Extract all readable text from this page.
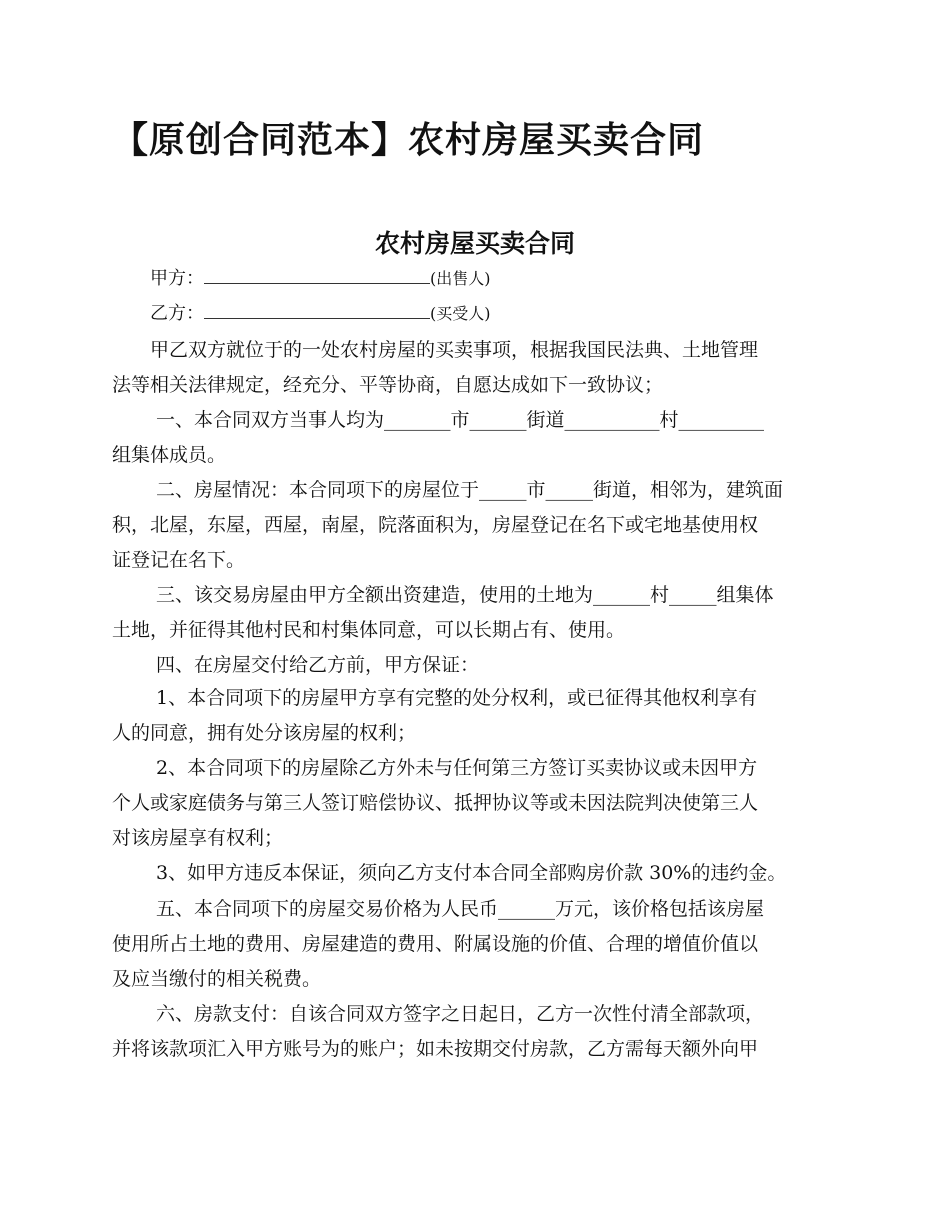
【原创合同范本】农村房屋买卖合同
农村房屋买卖合同
甲方：	(出售人)
乙方：	(买受人)
甲乙双方就位于的一处农村房屋的买卖事项，根据我国民法典、土地管理
法等相关法律规定，经充分、平等协商，自愿达成如下一致协议；
一、本合同双方当事人均为_______市______街道__________村_________
组集体成员。
二、房屋情况：本合同项下的房屋位于_____市_____街道，相邻为，建筑面
积，北屋，东屋，西屋，南屋，院落面积为，房屋登记在名下或宅地基使用权
证登记在名下。
三、该交易房屋由甲方全额出资建造，使用的土地为______村_____组集体
土地，并征得其他村民和村集体同意，可以长期占有、使用。
四、在房屋交付给乙方前，甲方保证：
1、本合同项下的房屋甲方享有完整的处分权利，或已征得其他权利享有
人的同意，拥有处分该房屋的权利；
2、本合同项下的房屋除乙方外未与任何第三方签订买卖协议或未因甲方
个人或家庭债务与第三人签订赔偿协议、抵押协议等或未因法院判决使第三人
对该房屋享有权利；
3、如甲方违反本保证，须向乙方支付本合同全部购房价款 30%的违约金。
五、本合同项下的房屋交易价格为人民币______万元，该价格包括该房屋
使用所占土地的费用、房屋建造的费用、附属设施的价值、合理的增值价值以
及应当缴付的相关税费。
六、房款支付：自该合同双方签字之日起日，乙方一次性付清全部款项，
并将该款项汇入甲方账号为的账户；如未按期交付房款，乙方需每天额外向甲
